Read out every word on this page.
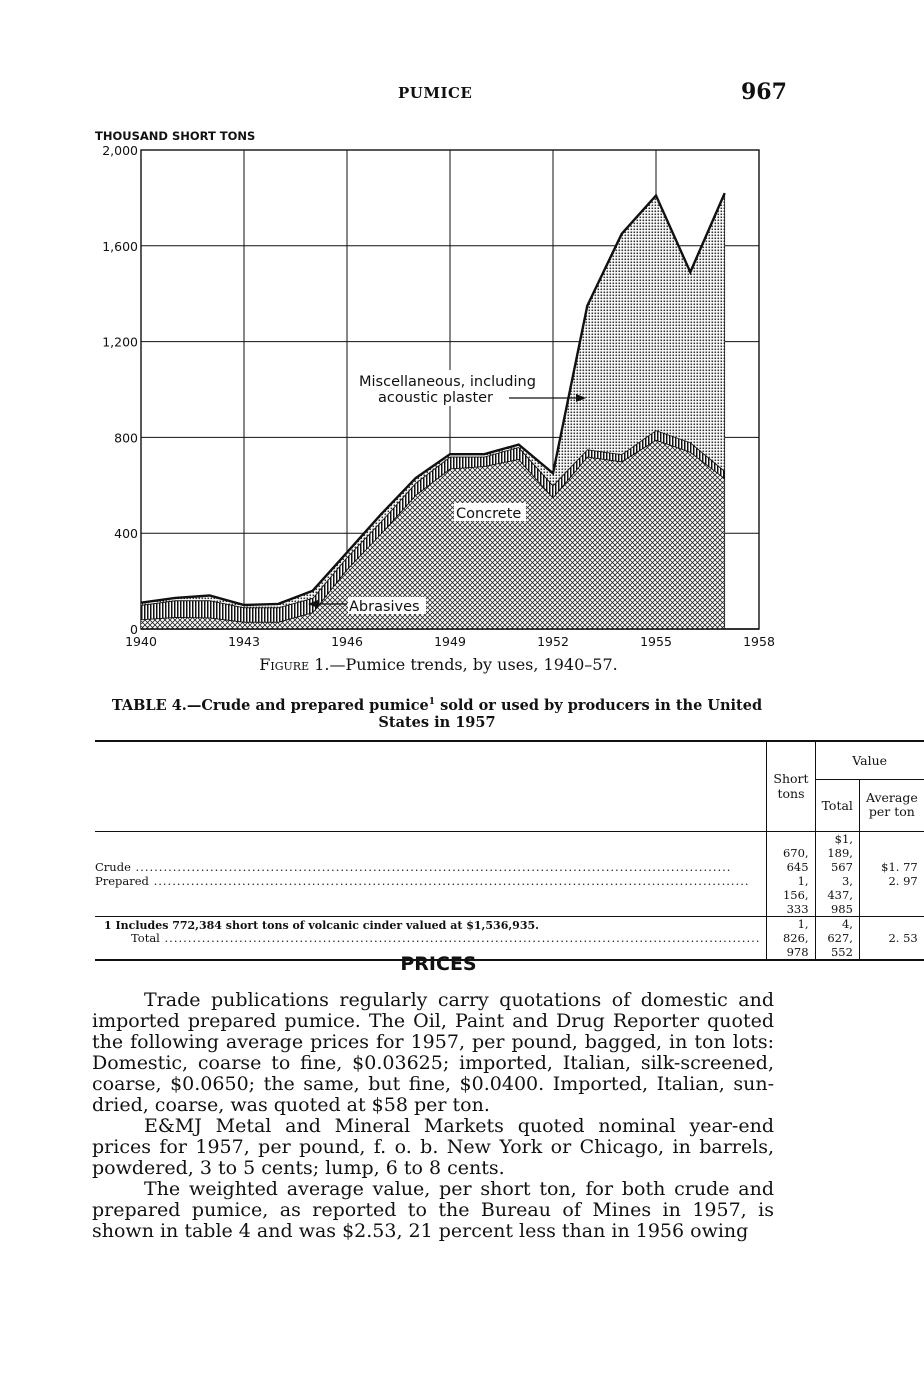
PUMICE	967
0
400
800
1,200
1,600
2,000
1940	1943	1946	1949	1952	1955	1958
THOUSAND SHORT TONS
Miscellaneous, including
acoustic plaster
Concrete
Abrasives
Figure 1.—Pumice trends, by uses, 1940–57.
TABLE 4.—Crude and prepared pumice$^1$ sold or used by producers in the United States in 1957
	Short tons	Value	
		Total	Average per ton
Crude .....	670, 645	$1, 189, 567	$1. 77
Prepared .....	1, 156, 333	3, 437, 985	2. 97
Total .....	1, 826, 978	4, 627, 552	2. 53
1 Includes 772,384 short tons of volcanic cinder valued at $1,536,935.
PRICES

Trade publications regularly carry quotations of domestic and imported prepared pumice. The Oil, Paint and Drug Reporter quoted the following average prices for 1957, per pound, bagged, in ton lots: Domestic, coarse to fine, $0.03625; imported, Italian, silk-screened, coarse, $0.0650; the same, but fine, $0.0400. Imported, Italian, sun-dried, coarse, was quoted at $58 per ton.

E&MJ Metal and Mineral Markets quoted nominal year-end prices for 1957, per pound, f. o. b. New York or Chicago, in barrels, powdered, 3 to 5 cents; lump, 6 to 8 cents.

The weighted average value, per short ton, for both crude and prepared pumice, as reported to the Bureau of Mines in 1957, is shown in table 4 and was $2.53, 21 percent less than in 1956 owing
